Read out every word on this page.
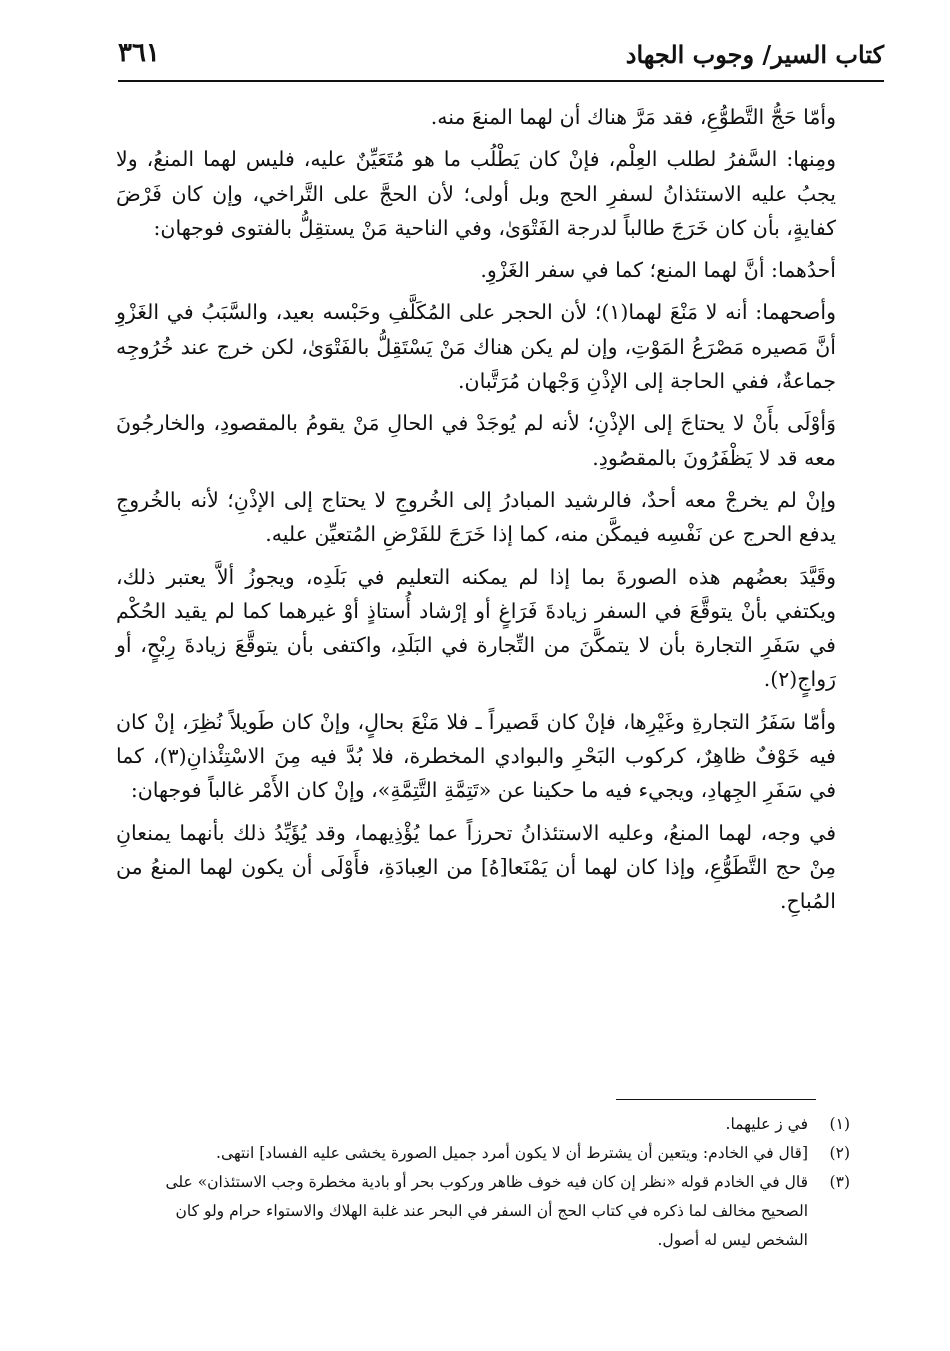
كتاب السير/ وجوب الجهاد
٣٦١

وأمّا حَجُّ التَّطوُّعِ، فقد مَرَّ هناك أن لهما المنعَ منه.

ومِنها: السَّفرُ لطلب العِلْم، فإنْ كان يَطْلُب ما هو مُتَعَيِّنٌ عليه، فليس لهما المنعُ، ولا يجبُ عليه الاستئذانُ لسفرِ الحج وبل أولى؛ لأن الحجَّ على التَّراخي، وإن كان فَرْضَ كفايةٍ، بأن كان خَرَجَ طالباً لدرجة الفَتْوَىٰ، وفي الناحية مَنْ يستقِلُّ بالفتوى فوجهان:

أحدُهما: أنَّ لهما المنع؛ كما في سفر الغَزْوِ.

وأصحهما: أنه لا مَنْعَ لهما(١)؛ لأن الحجر على المُكَلَّفِ وحَبْسه بعيد، والسَّبَبُ في الغَزْوِ أنَّ مَصيره مَصْرَعُ المَوْتِ، وإن لم يكن هناك مَنْ يَسْتَقِلُّ بالفَتْوَىٰ، لكن خرج عند خُرُوجِه جماعةٌ، ففي الحاجة إلى الإذْنِ وَجْهان مُرَتَّبان.

وَأوْلَى بأَنْ لا يحتاجَ إلى الإذْنِ؛ لأنه لم يُوجَدْ في الحالِ مَنْ يقومُ بالمقصودِ، والخارجُونَ معه قد لا يَظْفَرُونَ بالمقصُودِ.

وإنْ لم يخرجْ معه أحدٌ، فالرشيد المبادرُ إلى الخُروجِ لا يحتاج إلى الإذْنِ؛ لأنه بالخُروجِ يدفع الحرج عن نَفْسِه فيمكَّن منه، كما إذا خَرَجَ للفَرْضِ المُتعيِّن عليه.

وقَيَّدَ بعضُهم هذه الصورةَ بما إذا لم يمكنه التعليم في بَلَدِه، ويجوزُ ألاَّ يعتبر ذلك، ويكتفي بأنْ يتوقَّعَ في السفر زيادةَ فَرَاغٍ أو إرْشاد أُستاذٍ أوْ غيرهما كما لم يقيد الحُكْم في سَفَرِ التجارة بأن لا يتمكَّنَ من التِّجارة في البَلَدِ، واكتفى بأن يتوقَّعَ زيادةَ رِبْحٍ، أو رَواجٍ(٢).

وأمّا سَفَرُ التجارةِ وغَيْرِها، فإنْ كان قَصيراً ـ فلا مَنْعَ بحالٍ، وإنْ كان طَويلاً نُظِرَ، إنْ كان فيه خَوْفٌ ظاهِرٌ، كركوب البَحْرِ والبوادي المخطرة، فلا بُدَّ فيه مِنَ الاسْتِئْذانِ(٣)، كما في سَفَرِ الجِهادِ، ويجيء فيه ما حكينا عن «تَتِمَّةِ التَّتِمَّةِ»، وإنْ كان الأَمْر غالباً فوجهان:

في وجه، لهما المنعُ، وعليه الاستئذانُ تحرزاً عما يُؤْذِيهما، وقد يُؤَيِّدُ ذلك بأنهما يمنعانِ مِنْ حج التَّطَوُّعِ، وإذا كان لهما أن يَمْنَعا[هُ] من العِبادَةِ، فأَوْلَى أن يكون لهما المنعُ من المُباحِ.

(١)
في ز عليهما.
(٢)
[قال في الخادم: ويتعين أن يشترط أن لا يكون أمرد جميل الصورة يخشى عليه الفساد] انتهى.
(٣)
قال في الخادم قوله «نظر إن كان فيه خوف ظاهر وركوب بحر أو بادية مخطرة وجب الاستئذان» على الصحيح مخالف لما ذكره في كتاب الحج أن السفر في البحر عند غلبة الهلاك والاستواء حرام ولو كان الشخص ليس له أصول.
